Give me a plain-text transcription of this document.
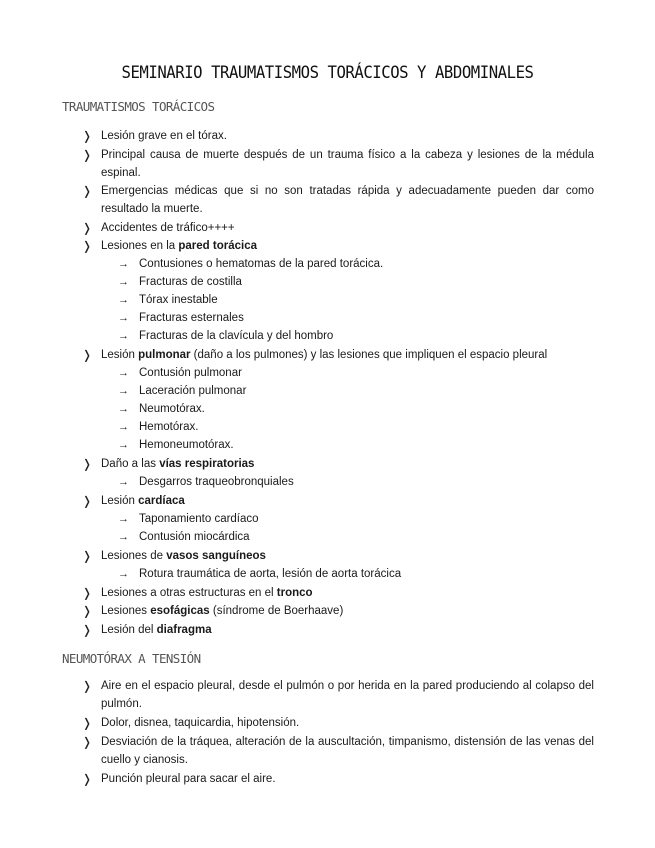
SEMINARIO TRAUMATISMOS TORÁCICOS Y ABDOMINALES
TRAUMATISMOS TORÁCICOS
❭ Lesión grave en el tórax.
❭ Principal causa de muerte después de un trauma físico a la cabeza y lesiones de la médula espinal.
❭ Emergencias médicas que si no son tratadas rápida y adecuadamente pueden dar como resultado la muerte.
❭ Accidentes de tráfico++++
❭ Lesiones en la pared torácica
→ Contusiones o hematomas de la pared torácica.
→ Fracturas de costilla
→ Tórax inestable
→ Fracturas esternales
→ Fracturas de la clavícula y del hombro
❭ Lesión pulmonar (daño a los pulmones) y las lesiones que impliquen el espacio pleural
→ Contusión pulmonar
→ Laceración pulmonar
→ Neumotórax.
→ Hemotórax.
→ Hemoneumotórax.
❭ Daño a las vías respiratorias
→ Desgarros traqueobronquiales
❭ Lesión cardíaca
→ Taponamiento cardíaco
→ Contusión miocárdica
❭ Lesiones de vasos sanguíneos
→ Rotura traumática de aorta, lesión de aorta torácica
❭ Lesiones a otras estructuras en el tronco
❭ Lesiones esofágicas (síndrome de Boerhaave)
❭ Lesión del diafragma
NEUMOTÓRAX A TENSIÓN
❭ Aire en el espacio pleural, desde el pulmón o por herida en la pared produciendo al colapso del pulmón.
❭ Dolor, disnea, taquicardia, hipotensión.
❭ Desviación de la tráquea, alteración de la auscultación, timpanismo, distensión de las venas del cuello y cianosis.
❭ Punción pleural para sacar el aire.
